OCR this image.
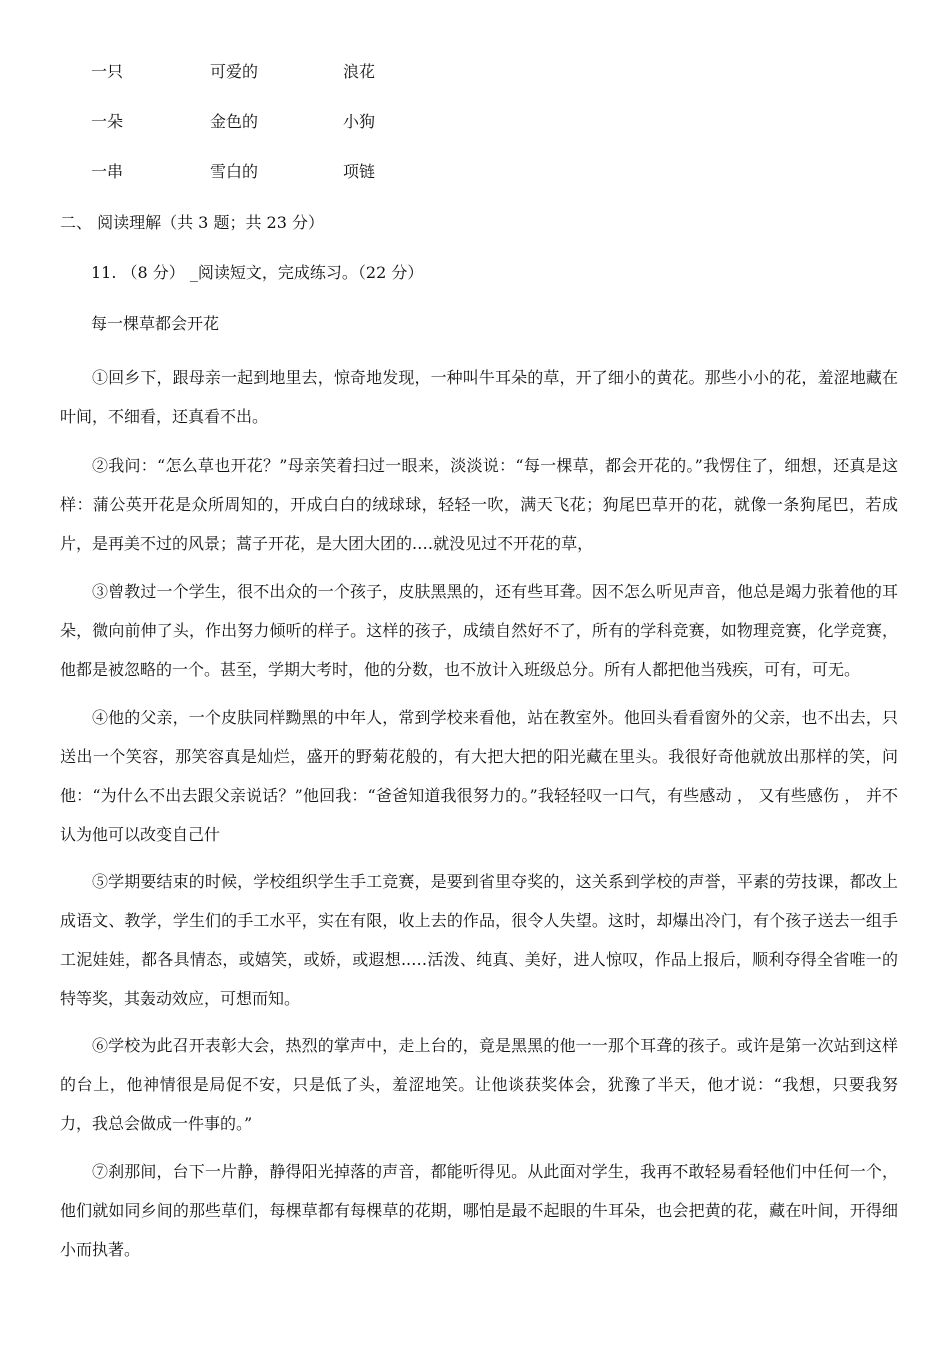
一只	可爱的	浪花
一朵	金色的	小狗
一串	雪白的	项链
二、 阅读理解（共 3 题；共 23 分）
11. （8 分） _阅读短文，完成练习。（22 分）
每一棵草都会开花
①回乡下，跟母亲一起到地里去，惊奇地发现，一种叫牛耳朵的草，开了细小的黄花。那些小小的花，羞涩地藏在叶间，不细看，还真看不出。
②我问：“怎么草也开花？”母亲笑着扫过一眼来，淡淡说：“每一棵草，都会开花的。”我愣住了，细想，还真是这样：蒲公英开花是众所周知的，开成白白的绒球球，轻轻一吹，满天飞花；狗尾巴草开的花，就像一条狗尾巴，若成片，是再美不过的风景；蒿子开花，是大团大团的.…就没见过不开花的草，
③曾教过一个学生，很不出众的一个孩子，皮肤黑黑的，还有些耳聋。因不怎么听见声音，他总是竭力张着他的耳朵，微向前伸了头，作出努力倾听的样子。这样的孩子，成绩自然好不了，所有的学科竞赛，如物理竞赛，化学竞赛，他都是被忽略的一个。甚至，学期大考时，他的分数，也不放计入班级总分。所有人都把他当残疾，可有，可无。
④他的父亲，一个皮肤同样黝黑的中年人，常到学校来看他，站在教室外。他回头看看窗外的父亲，也不出去，只送出一个笑容，那笑容真是灿烂，盛开的野菊花般的，有大把大把的阳光藏在里头。我很好奇他就放出那样的笑，问他：“为什么不出去跟父亲说话？”他回我：“爸爸知道我很努力的。”我轻轻叹一口气，有些感动 ， 又有些感伤 ， 并不认为他可以改变自己什
⑤学期要结束的时候，学校组织学生手工竞赛，是要到省里夺奖的，这关系到学校的声誉，平素的劳技课，都改上成语文、教学，学生们的手工水平，实在有限，收上去的作品，很令人失望。这时，却爆出冷门，有个孩子送去一组手工泥娃娃，都各具情态，或嬉笑，或娇，或遐想..…活泼、纯真、美好，进人惊叹，作品上报后，顺利夺得全省唯一的特等奖，其轰动效应，可想而知。
⑥学校为此召开表彰大会，热烈的掌声中，走上台的，竟是黑黑的他一一那个耳聋的孩子。或许是第一次站到这样的台上，他神情很是局促不安，只是低了头，羞涩地笑。让他谈获奖体会，犹豫了半天，他才说：“我想，只要我努力，我总会做成一件事的。”
⑦刹那间，台下一片静，静得阳光掉落的声音，都能听得见。从此面对学生，我再不敢轻易看轻他们中任何一个，他们就如同乡间的那些草们，每棵草都有每棵草的花期，哪怕是最不起眼的牛耳朵，也会把黄的花，藏在叶间，开得细小而执著。
